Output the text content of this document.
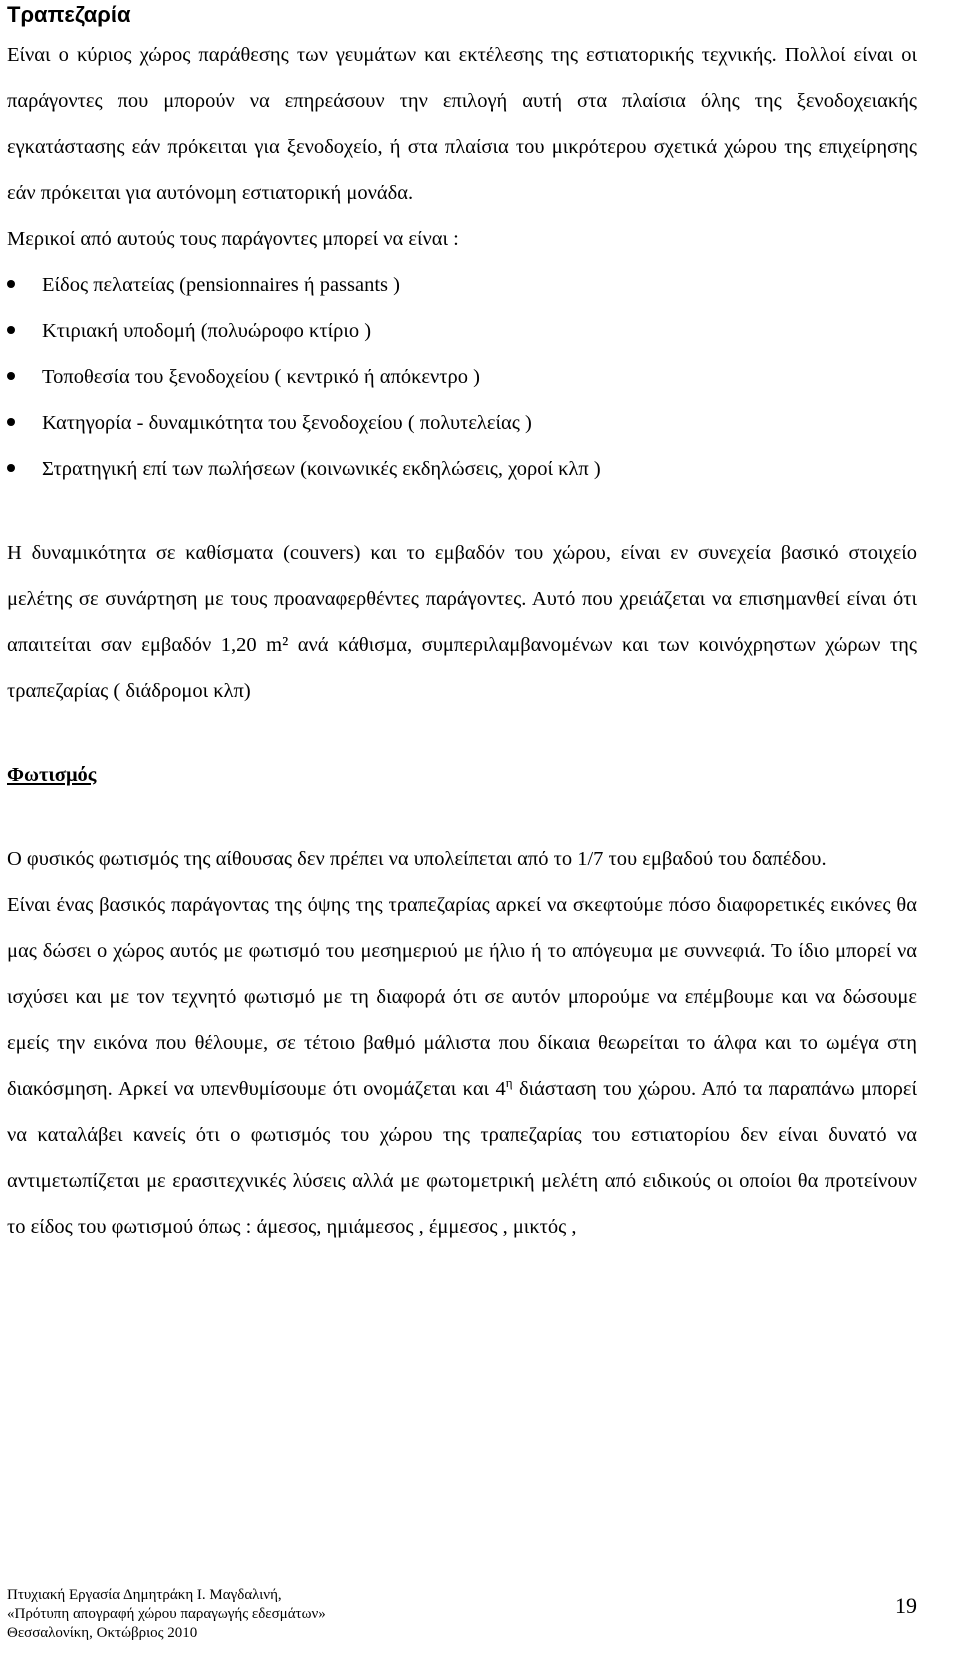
Τραπεζαρία

Είναι ο κύριος χώρος παράθεσης των γευμάτων και εκτέλεσης της εστιατορικής τεχνικής. Πολλοί είναι οι παράγοντες που μπορούν να επηρεάσουν την επιλογή αυτή στα πλαίσια όλης της ξενοδοχειακής εγκατάστασης εάν πρόκειται για ξενοδοχείο, ή στα πλαίσια του μικρότερου σχετικά χώρου της επιχείρησης εάν πρόκειται για αυτόνομη εστιατορική μονάδα.

Μερικοί από αυτούς τους παράγοντες μπορεί να είναι :

Είδος πελατείας (pensionnaires ή passants )
Κτιριακή υποδομή (πολυώροφο κτίριο )
Τοποθεσία του ξενοδοχείου ( κεντρικό ή απόκεντρο )
Κατηγορία - δυναμικότητα του ξενοδοχείου ( πολυτελείας )
Στρατηγική επί των πωλήσεων (κοινωνικές εκδηλώσεις, χοροί κλπ )

Η δυναμικότητα σε καθίσματα (couvers) και το εμβαδόν του χώρου, είναι εν συνεχεία βασικό στοιχείο μελέτης σε συνάρτηση με τους προαναφερθέντες παράγοντες. Αυτό που χρειάζεται να επισημανθεί είναι ότι απαιτείται σαν εμβαδόν 1,20 m² ανά κάθισμα, συμπεριλαμβανομένων και των κοινόχρηστων χώρων της τραπεζαρίας ( διάδρομοι κλπ)

Φωτισμός

Ο φυσικός φωτισμός της αίθουσας δεν πρέπει να υπολείπεται από το 1/7 του εμβαδού του δαπέδου.

Είναι ένας βασικός παράγοντας της όψης της τραπεζαρίας αρκεί να σκεφτούμε πόσο διαφορετικές εικόνες θα μας δώσει ο χώρος αυτός με φωτισμό του μεσημεριού με ήλιο ή το απόγευμα με συννεφιά. Το ίδιο μπορεί να ισχύσει και με τον τεχνητό φωτισμό με τη διαφορά ότι σε αυτόν μπορούμε να επέμβουμε και να δώσουμε εμείς την εικόνα που θέλουμε, σε τέτοιο βαθμό μάλιστα που δίκαια θεωρείται το άλφα και το ωμέγα στη διακόσμηση. Αρκεί να υπενθυμίσουμε ότι ονομάζεται και $4^\eta$ διάσταση του χώρου. Από τα παραπάνω μπορεί να καταλάβει κανείς ότι ο φωτισμός του χώρου της τραπεζαρίας του εστιατορίου δεν είναι δυνατό να αντιμετωπίζεται με ερασιτεχνικές λύσεις αλλά με φωτομετρική μελέτη από ειδικούς οι οποίοι θα προτείνουν το είδος του φωτισμού όπως : άμεσος, ημιάμεσος , έμμεσος , μικτός ,

Πτυχιακή Εργασία Δημητράκη Ι. Μαγδαλινή,
«Πρότυπη απογραφή χώρου παραγωγής εδεσμάτων»
Θεσσαλονίκη, Οκτώβριος 2010
19
